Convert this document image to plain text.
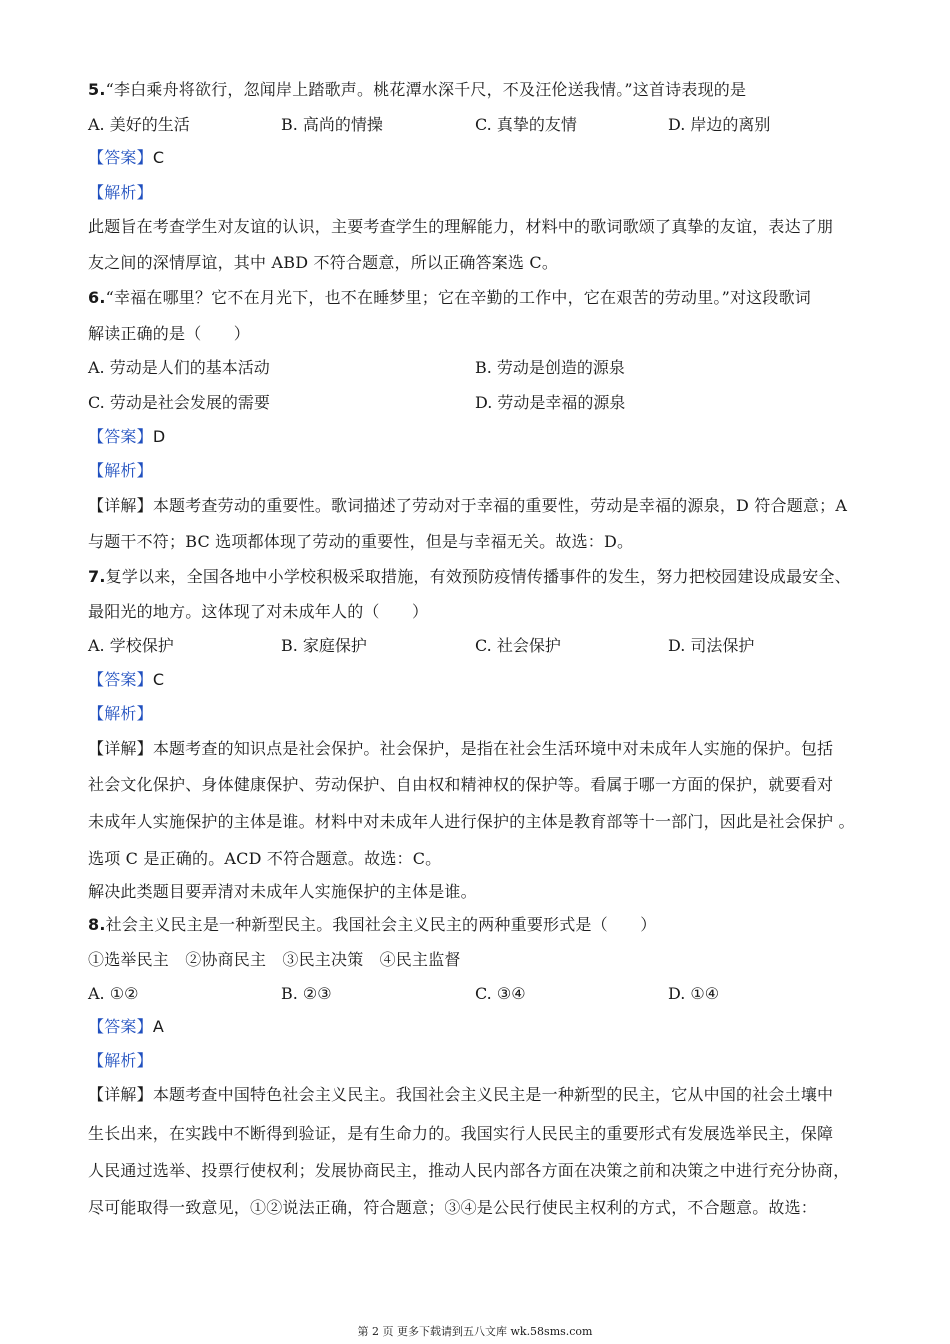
5.“李白乘舟将欲行，忽闻岸上踏歌声。桃花潭水深千尺，不及汪伦送我情。”这首诗表现的是
A. 美好的生活	B. 高尚的情操	C. 真挚的友情	D. 岸边的离别
【答案】C
【解析】
此题旨在考查学生对友谊的认识，主要考查学生的理解能力，材料中的歌词歌颂了真挚的友谊，表达了朋
友之间的深情厚谊，其中 ABD 不符合题意，所以正确答案选 C。
6.“幸福在哪里？它不在月光下，也不在睡梦里；它在辛勤的工作中，它在艰苦的劳动里。”对这段歌词
解读正确的是（　　）
A. 劳动是人们的基本活动	B. 劳动是创造的源泉
C. 劳动是社会发展的需要	D. 劳动是幸福的源泉
【答案】D
【解析】
【详解】本题考查劳动的重要性。歌词描述了劳动对于幸福的重要性，劳动是幸福的源泉，D 符合题意；A
与题干不符；BC 选项都体现了劳动的重要性，但是与幸福无关。故选：D。
7.复学以来，全国各地中小学校积极采取措施，有效预防疫情传播事件的发生，努力把校园建设成最安全、
最阳光的地方。这体现了对未成年人的（　　）
A. 学校保护	B. 家庭保护	C. 社会保护	D. 司法保护
【答案】C
【解析】
【详解】本题考查的知识点是社会保护。社会保护，是指在社会生活环境中对未成年人实施的保护。包括
社会文化保护、身体健康保护、劳动保护、自由权和精神权的保护等。看属于哪一方面的保护，就要看对
未成年人实施保护的主体是谁。材料中对未成年人进行保护的主体是教育部等十一部门，因此是社会保护 。
选项 C 是正确的。ACD 不符合题意。故选：C。
解决此类题目要弄清对未成年人实施保护的主体是谁。
8.社会主义民主是一种新型民主。我国社会主义民主的两种重要形式是（　　）
①选举民主　②协商民主　③民主决策　④民主监督
A. ①②	B. ②③	C. ③④	D. ①④
【答案】A
【解析】
【详解】本题考查中国特色社会主义民主。我国社会主义民主是一种新型的民主，它从中国的社会土壤中
生长出来，在实践中不断得到验证，是有生命力的。我国实行人民民主的重要形式有发展选举民主，保障
人民通过选举、投票行使权利；发展协商民主，推动人民内部各方面在决策之前和决策之中进行充分协商，
尽可能取得一致意见，①②说法正确，符合题意；③④是公民行使民主权利的方式，不合题意。故选：
第 2 页 更多下载请到五八文库 wk.58sms.com
